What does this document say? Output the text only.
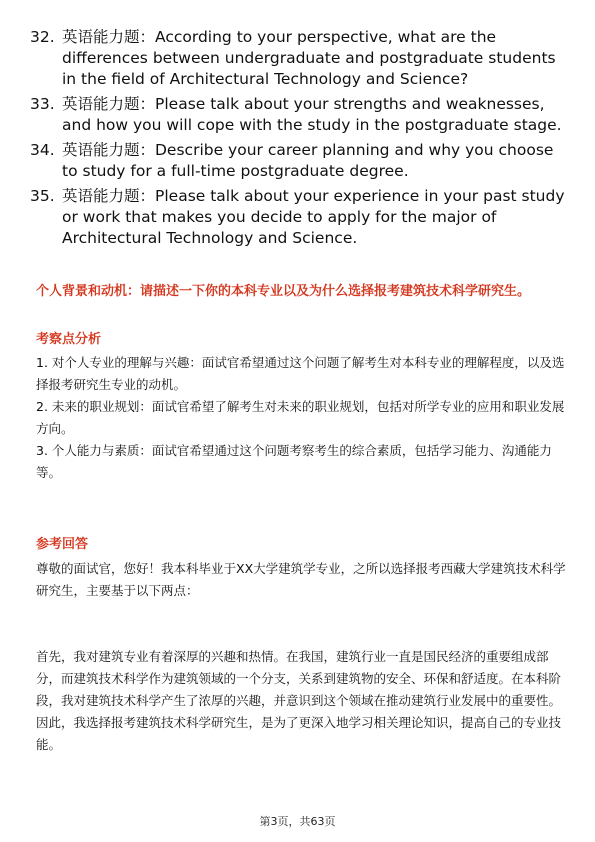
32. 英语能力题：According to your perspective, what are the differences between undergraduate and postgraduate students in the field of Architectural Technology and Science?
33. 英语能力题：Please talk about your strengths and weaknesses, and how you will cope with the study in the postgraduate stage.
34. 英语能力题：Describe your career planning and why you choose to study for a full-time postgraduate degree.
35. 英语能力题：Please talk about your experience in your past study or work that makes you decide to apply for the major of Architectural Technology and Science.
个人背景和动机：请描述一下你的本科专业以及为什么选择报考建筑技术科学研究生。
考察点分析
1. 对个人专业的理解与兴趣：面试官希望通过这个问题了解考生对本科专业的理解程度，以及选择报考研究生专业的动机。
2. 未来的职业规划：面试官希望了解考生对未来的职业规划，包括对所学专业的应用和职业发展方向。
3. 个人能力与素质：面试官希望通过这个问题考察考生的综合素质，包括学习能力、沟通能力等。
参考回答
尊敬的面试官，您好！我本科毕业于XX大学建筑学专业，之所以选择报考西藏大学建筑技术科学研究生，主要基于以下两点：
首先，我对建筑专业有着深厚的兴趣和热情。在我国，建筑行业一直是国民经济的重要组成部分，而建筑技术科学作为建筑领域的一个分支，关系到建筑物的安全、环保和舒适度。在本科阶段，我对建筑技术科学产生了浓厚的兴趣，并意识到这个领域在推动建筑行业发展中的重要性。因此，我选择报考建筑技术科学研究生，是为了更深入地学习相关理论知识，提高自己的专业技能。
第3页，共63页
